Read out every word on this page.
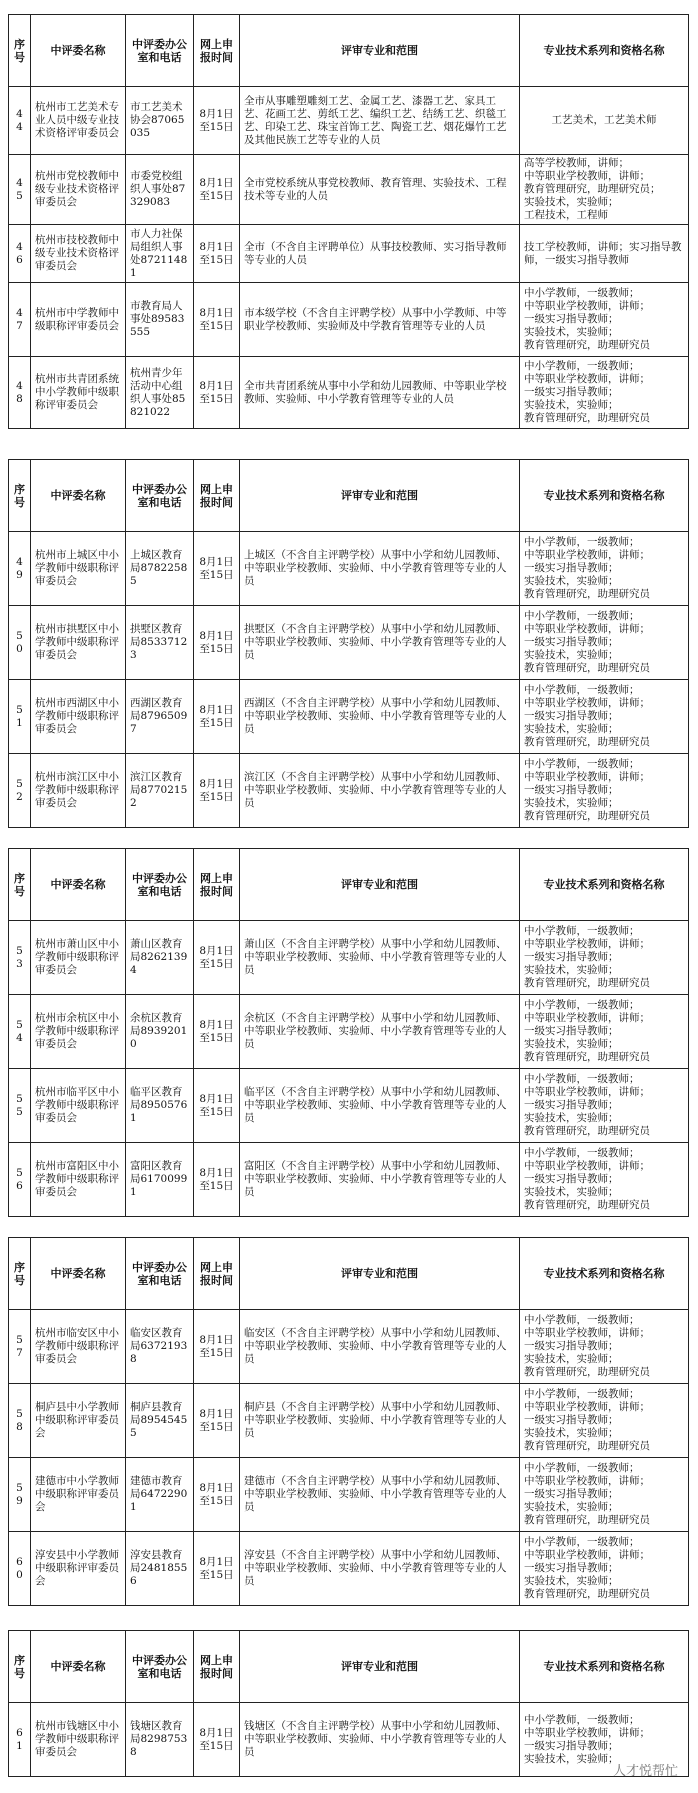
序号	中评委名称	中评委办公室和电话	网上申报时间	评审专业和范围	专业技术系列和资格名称
44	杭州市工艺美术专业人员中级专业技术资格评审委员会	市工艺美术协会87065035	8月1日至15日	全市从事雕塑雕刻工艺、金属工艺、漆器工艺、家具工艺、花画工艺、剪纸工艺、编织工艺、结绣工艺、织毯工艺、印染工艺、珠宝首饰工艺、陶瓷工艺、烟花爆竹工艺及其他民族工艺等专业的人员	工艺美术，工艺美术师
45	杭州市党校教师中级专业技术资格评审委员会	市委党校组织人事处87329083	8月1日至15日	全市党校系统从事党校教师、教育管理、实验技术、工程技术等专业的人员	高等学校教师，讲师；
中等职业学校教师，讲师；
教育管理研究，助理研究员；
实验技术，实验师；
工程技术，工程师
46	杭州市技校教师中级专业技术资格评审委员会	市人力社保局组织人事处87211481	8月1日至15日	全市（不含自主评聘单位）从事技校教师、实习指导教师等专业的人员	技工学校教师，讲师；实习指导教师，一级实习指导教师
47	杭州市中学教师中级职称评审委员会	市教育局人事处89583555	8月1日至15日	市本级学校（不含自主评聘学校）从事中小学教师、中等职业学校教师、实验师及中学教育管理等专业的人员	中小学教师，一级教师；
中等职业学校教师，讲师；
一级实习指导教师；
实验技术，实验师；
教育管理研究，助理研究员
48	杭州市共青团系统中小学教师中级职称评审委员会	杭州青少年活动中心组织人事处85821022	8月1日至15日	全市共青团系统从事中小学和幼儿园教师、中等职业学校教师、实验师、中小学教育管理等专业的人员	中小学教师，一级教师；
中等职业学校教师，讲师；
一级实习指导教师；
实验技术，实验师；
教育管理研究，助理研究员
序号	中评委名称	中评委办公室和电话	网上申报时间	评审专业和范围	专业技术系列和资格名称
49	杭州市上城区中小学教师中级职称评审委员会	上城区教育局87822585	8月1日至15日	上城区（不含自主评聘学校）从事中小学和幼儿园教师、中等职业学校教师、实验师、中小学教育管理等专业的人员	中小学教师，一级教师；
中等职业学校教师，讲师；
一级实习指导教师；
实验技术，实验师；
教育管理研究，助理研究员
50	杭州市拱墅区中小学教师中级职称评审委员会	拱墅区教育局85337123	8月1日至15日	拱墅区（不含自主评聘学校）从事中小学和幼儿园教师、中等职业学校教师、实验师、中小学教育管理等专业的人员	中小学教师，一级教师；
中等职业学校教师，讲师；
一级实习指导教师；
实验技术，实验师；
教育管理研究，助理研究员
51	杭州市西湖区中小学教师中级职称评审委员会	西湖区教育局87965097	8月1日至15日	西湖区（不含自主评聘学校）从事中小学和幼儿园教师、中等职业学校教师、实验师、中小学教育管理等专业的人员	中小学教师，一级教师；
中等职业学校教师，讲师；
一级实习指导教师；
实验技术，实验师；
教育管理研究，助理研究员
52	杭州市滨江区中小学教师中级职称评审委员会	滨江区教育局87702152	8月1日至15日	滨江区（不含自主评聘学校）从事中小学和幼儿园教师、中等职业学校教师、实验师、中小学教育管理等专业的人员	中小学教师，一级教师；
中等职业学校教师，讲师；
一级实习指导教师；
实验技术，实验师；
教育管理研究，助理研究员
序号	中评委名称	中评委办公室和电话	网上申报时间	评审专业和范围	专业技术系列和资格名称
53	杭州市萧山区中小学教师中级职称评审委员会	萧山区教育局82621394	8月1日至15日	萧山区（不含自主评聘学校）从事中小学和幼儿园教师、中等职业学校教师、实验师、中小学教育管理等专业的人员	中小学教师，一级教师；
中等职业学校教师，讲师；
一级实习指导教师；
实验技术，实验师；
教育管理研究，助理研究员
54	杭州市余杭区中小学教师中级职称评审委员会	余杭区教育局89392010	8月1日至15日	余杭区（不含自主评聘学校）从事中小学和幼儿园教师、中等职业学校教师、实验师、中小学教育管理等专业的人员	中小学教师，一级教师；
中等职业学校教师，讲师；
一级实习指导教师；
实验技术，实验师；
教育管理研究，助理研究员
55	杭州市临平区中小学教师中级职称评审委员会	临平区教育局89505761	8月1日至15日	临平区（不含自主评聘学校）从事中小学和幼儿园教师、中等职业学校教师、实验师、中小学教育管理等专业的人员	中小学教师，一级教师；
中等职业学校教师，讲师；
一级实习指导教师；
实验技术，实验师；
教育管理研究，助理研究员
56	杭州市富阳区中小学教师中级职称评审委员会	富阳区教育局61700991	8月1日至15日	富阳区（不含自主评聘学校）从事中小学和幼儿园教师、中等职业学校教师、实验师、中小学教育管理等专业的人员	中小学教师，一级教师；
中等职业学校教师，讲师；
一级实习指导教师；
实验技术，实验师；
教育管理研究，助理研究员
序号	中评委名称	中评委办公室和电话	网上申报时间	评审专业和范围	专业技术系列和资格名称
57	杭州市临安区中小学教师中级职称评审委员会	临安区教育局63721938	8月1日至15日	临安区（不含自主评聘学校）从事中小学和幼儿园教师、中等职业学校教师、实验师、中小学教育管理等专业的人员	中小学教师，一级教师；
中等职业学校教师，讲师；
一级实习指导教师；
实验技术，实验师；
教育管理研究，助理研究员
58	桐庐县中小学教师中级职称评审委员会	桐庐县教育局89545455	8月1日至15日	桐庐县（不含自主评聘学校）从事中小学和幼儿园教师、中等职业学校教师、实验师、中小学教育管理等专业的人员	中小学教师，一级教师；
中等职业学校教师，讲师；
一级实习指导教师；
实验技术，实验师；
教育管理研究，助理研究员
59	建德市中小学教师中级职称评审委员会	建德市教育局64722901	8月1日至15日	建德市（不含自主评聘学校）从事中小学和幼儿园教师、中等职业学校教师、实验师、中小学教育管理等专业的人员	中小学教师，一级教师；
中等职业学校教师，讲师；
一级实习指导教师；
实验技术，实验师；
教育管理研究，助理研究员
60	淳安县中小学教师中级职称评审委员会	淳安县教育局24818556	8月1日至15日	淳安县（不含自主评聘学校）从事中小学和幼儿园教师、中等职业学校教师、实验师、中小学教育管理等专业的人员	中小学教师，一级教师；
中等职业学校教师，讲师；
一级实习指导教师；
实验技术，实验师；
教育管理研究，助理研究员
序号	中评委名称	中评委办公室和电话	网上申报时间	评审专业和范围	专业技术系列和资格名称
61	杭州市钱塘区中小学教师中级职称评审委员会	钱塘区教育局82987538	8月1日至15日	钱塘区（不含自主评聘学校）从事中小学和幼儿园教师、中等职业学校教师、实验师、中小学教育管理等专业的人员	中小学教师，一级教师；
中等职业学校教师，讲师；
一级实习指导教师；
实验技术，实验师；
人才悦帮忙
